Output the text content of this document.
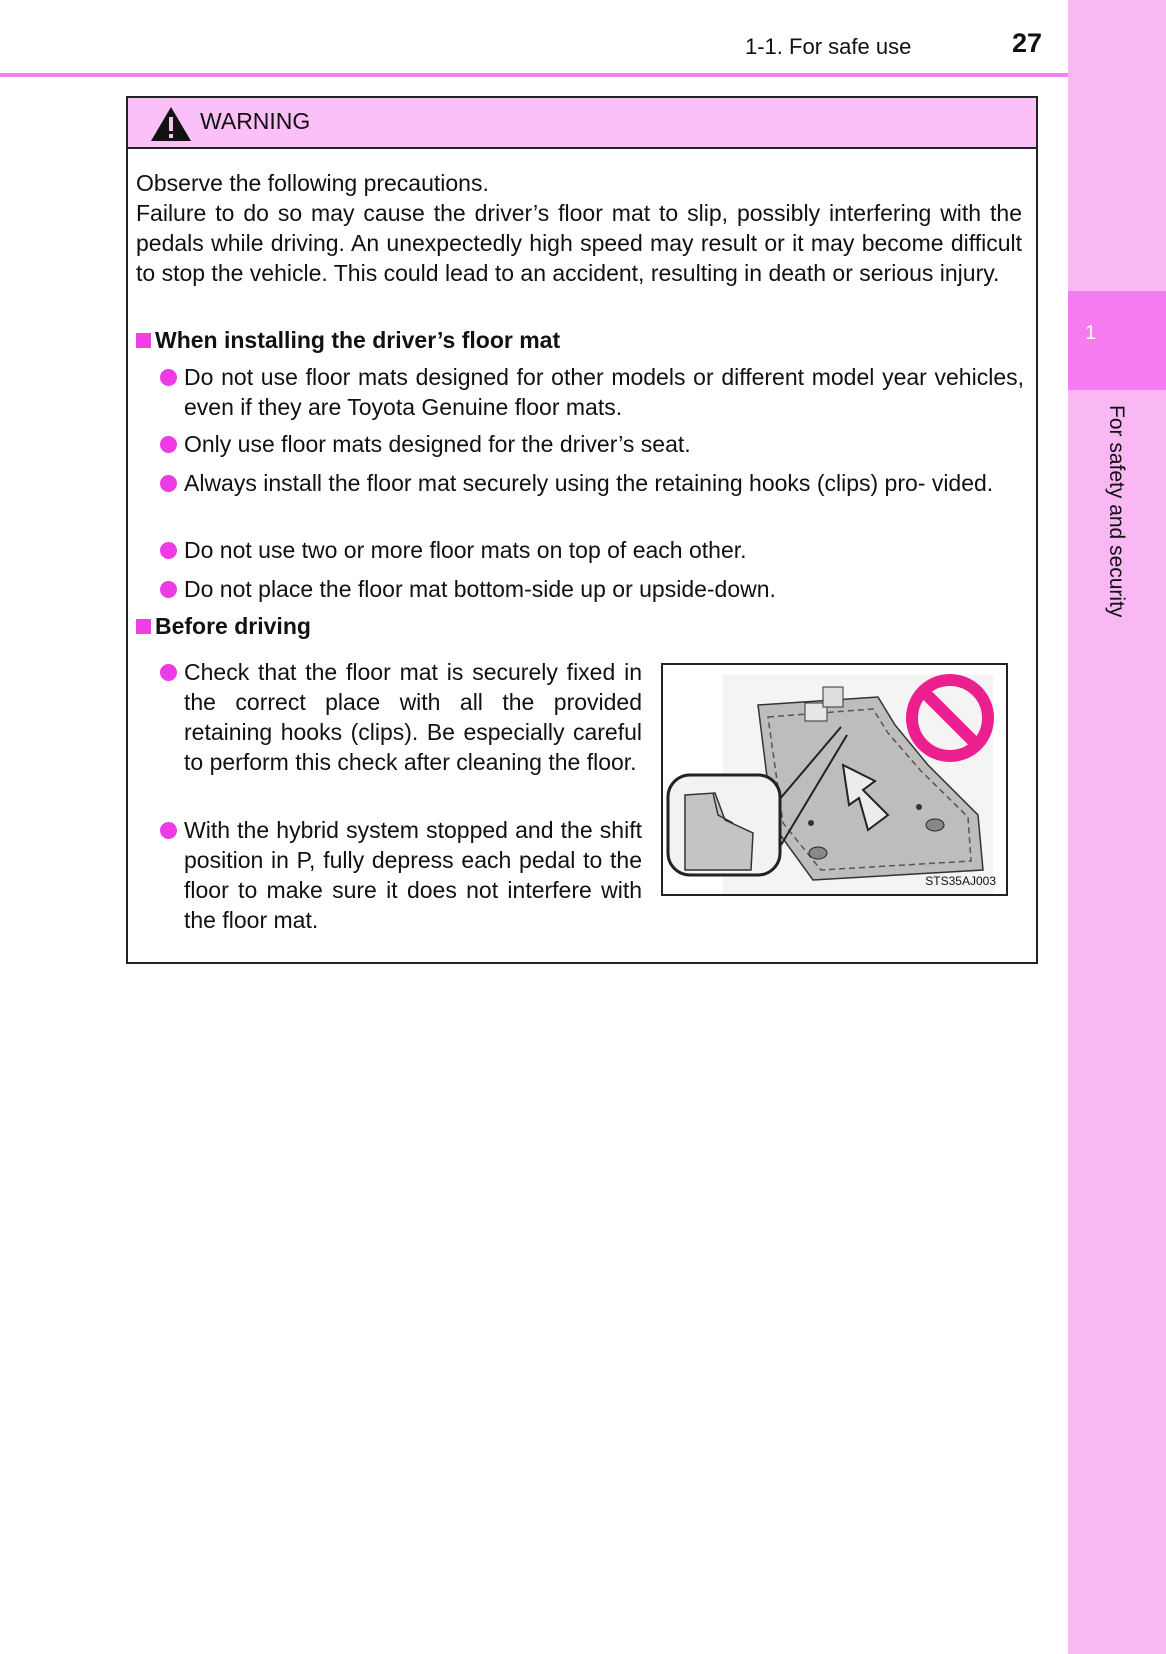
1-1. For safe use	27
1
For safety and security
WARNING

Observe the following precautions.
Failure to do so may cause the driver’s floor mat to slip, possibly interfering with the pedals while driving. An unexpectedly high speed may result or it may become difficult to stop the vehicle. This could lead to an accident, resulting in death or serious injury.

When installing the driver’s floor mat

Do not use floor mats designed for other models or different model year vehicles, even if they are Toyota Genuine floor mats.

Only use floor mats designed for the driver’s seat.

Always install the floor mat securely using the retaining hooks (clips) pro- vided.

Do not use two or more floor mats on top of each other.

Do not place the floor mat bottom-side up or upside-down.

Before driving

Check that the floor mat is securely fixed in the correct place with all the provided retaining hooks (clips). Be especially careful to perform this check after cleaning the floor.

With the hybrid system stopped and the shift position in P, fully depress each pedal to the floor to make sure it does not interfere with the floor mat.

STS35AJ003
